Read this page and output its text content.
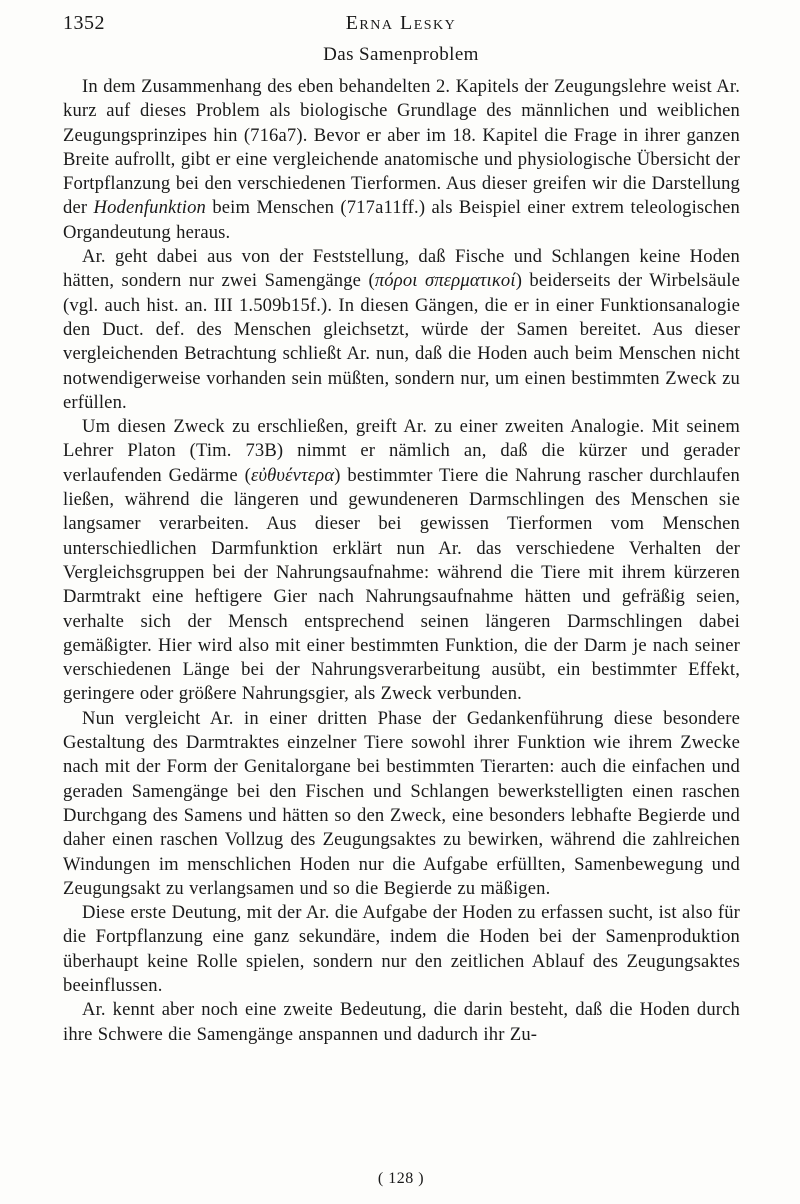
1352	Erna Lesky
Das Samenproblem

In dem Zusammenhang des eben behandelten 2. Kapitels der Zeugungslehre weist Ar. kurz auf dieses Problem als biologische Grundlage des männlichen und weiblichen Zeugungsprinzipes hin (716a7). Bevor er aber im 18. Kapitel die Frage in ihrer ganzen Breite aufrollt, gibt er eine vergleichende anatomische und physiologische Übersicht der Fortpflanzung bei den verschiedenen Tierformen. Aus dieser greifen wir die Darstellung der Hodenfunktion beim Menschen (717a11ff.) als Beispiel einer extrem teleologischen Organdeutung heraus.

Ar. geht dabei aus von der Feststellung, daß Fische und Schlangen keine Hoden hätten, sondern nur zwei Samengänge (πόροι σπερματικοί) beiderseits der Wirbelsäule (vgl. auch hist. an. III 1.509b15f.). In diesen Gängen, die er in einer Funktionsanalogie den Duct. def. des Menschen gleichsetzt, würde der Samen bereitet. Aus dieser vergleichenden Betrachtung schließt Ar. nun, daß die Hoden auch beim Menschen nicht notwendigerweise vorhanden sein müßten, sondern nur, um einen bestimmten Zweck zu erfüllen.

Um diesen Zweck zu erschließen, greift Ar. zu einer zweiten Analogie. Mit seinem Lehrer Platon (Tim. 73B) nimmt er nämlich an, daß die kürzer und gerader verlaufenden Gedärme (εὐθυέντερα) bestimmter Tiere die Nahrung rascher durchlaufen ließen, während die längeren und gewundeneren Darmschlingen des Menschen sie langsamer verarbeiten. Aus dieser bei gewissen Tierformen vom Menschen unterschiedlichen Darmfunktion erklärt nun Ar. das verschiedene Verhalten der Vergleichsgruppen bei der Nahrungsaufnahme: während die Tiere mit ihrem kürzeren Darmtrakt eine heftigere Gier nach Nahrungsaufnahme hätten und gefräßig seien, verhalte sich der Mensch entsprechend seinen längeren Darmschlingen dabei gemäßigter. Hier wird also mit einer bestimmten Funktion, die der Darm je nach seiner verschiedenen Länge bei der Nahrungsverarbeitung ausübt, ein bestimmter Effekt, geringere oder größere Nahrungsgier, als Zweck verbunden.

Nun vergleicht Ar. in einer dritten Phase der Gedankenführung diese besondere Gestaltung des Darmtraktes einzelner Tiere sowohl ihrer Funktion wie ihrem Zwecke nach mit der Form der Genitalorgane bei bestimmten Tierarten: auch die einfachen und geraden Samengänge bei den Fischen und Schlangen bewerkstelligten einen raschen Durchgang des Samens und hätten so den Zweck, eine besonders lebhafte Begierde und daher einen raschen Vollzug des Zeugungsaktes zu bewirken, während die zahlreichen Windungen im menschlichen Hoden nur die Aufgabe erfüllten, Samenbewegung und Zeugungsakt zu verlangsamen und so die Begierde zu mäßigen.

Diese erste Deutung, mit der Ar. die Aufgabe der Hoden zu erfassen sucht, ist also für die Fortpflanzung eine ganz sekundäre, indem die Hoden bei der Samenproduktion überhaupt keine Rolle spielen, sondern nur den zeitlichen Ablauf des Zeugungsaktes beeinflussen.

Ar. kennt aber noch eine zweite Bedeutung, die darin besteht, daß die Hoden durch ihre Schwere die Samengänge anspannen und dadurch ihr Zu-

( 128 )
